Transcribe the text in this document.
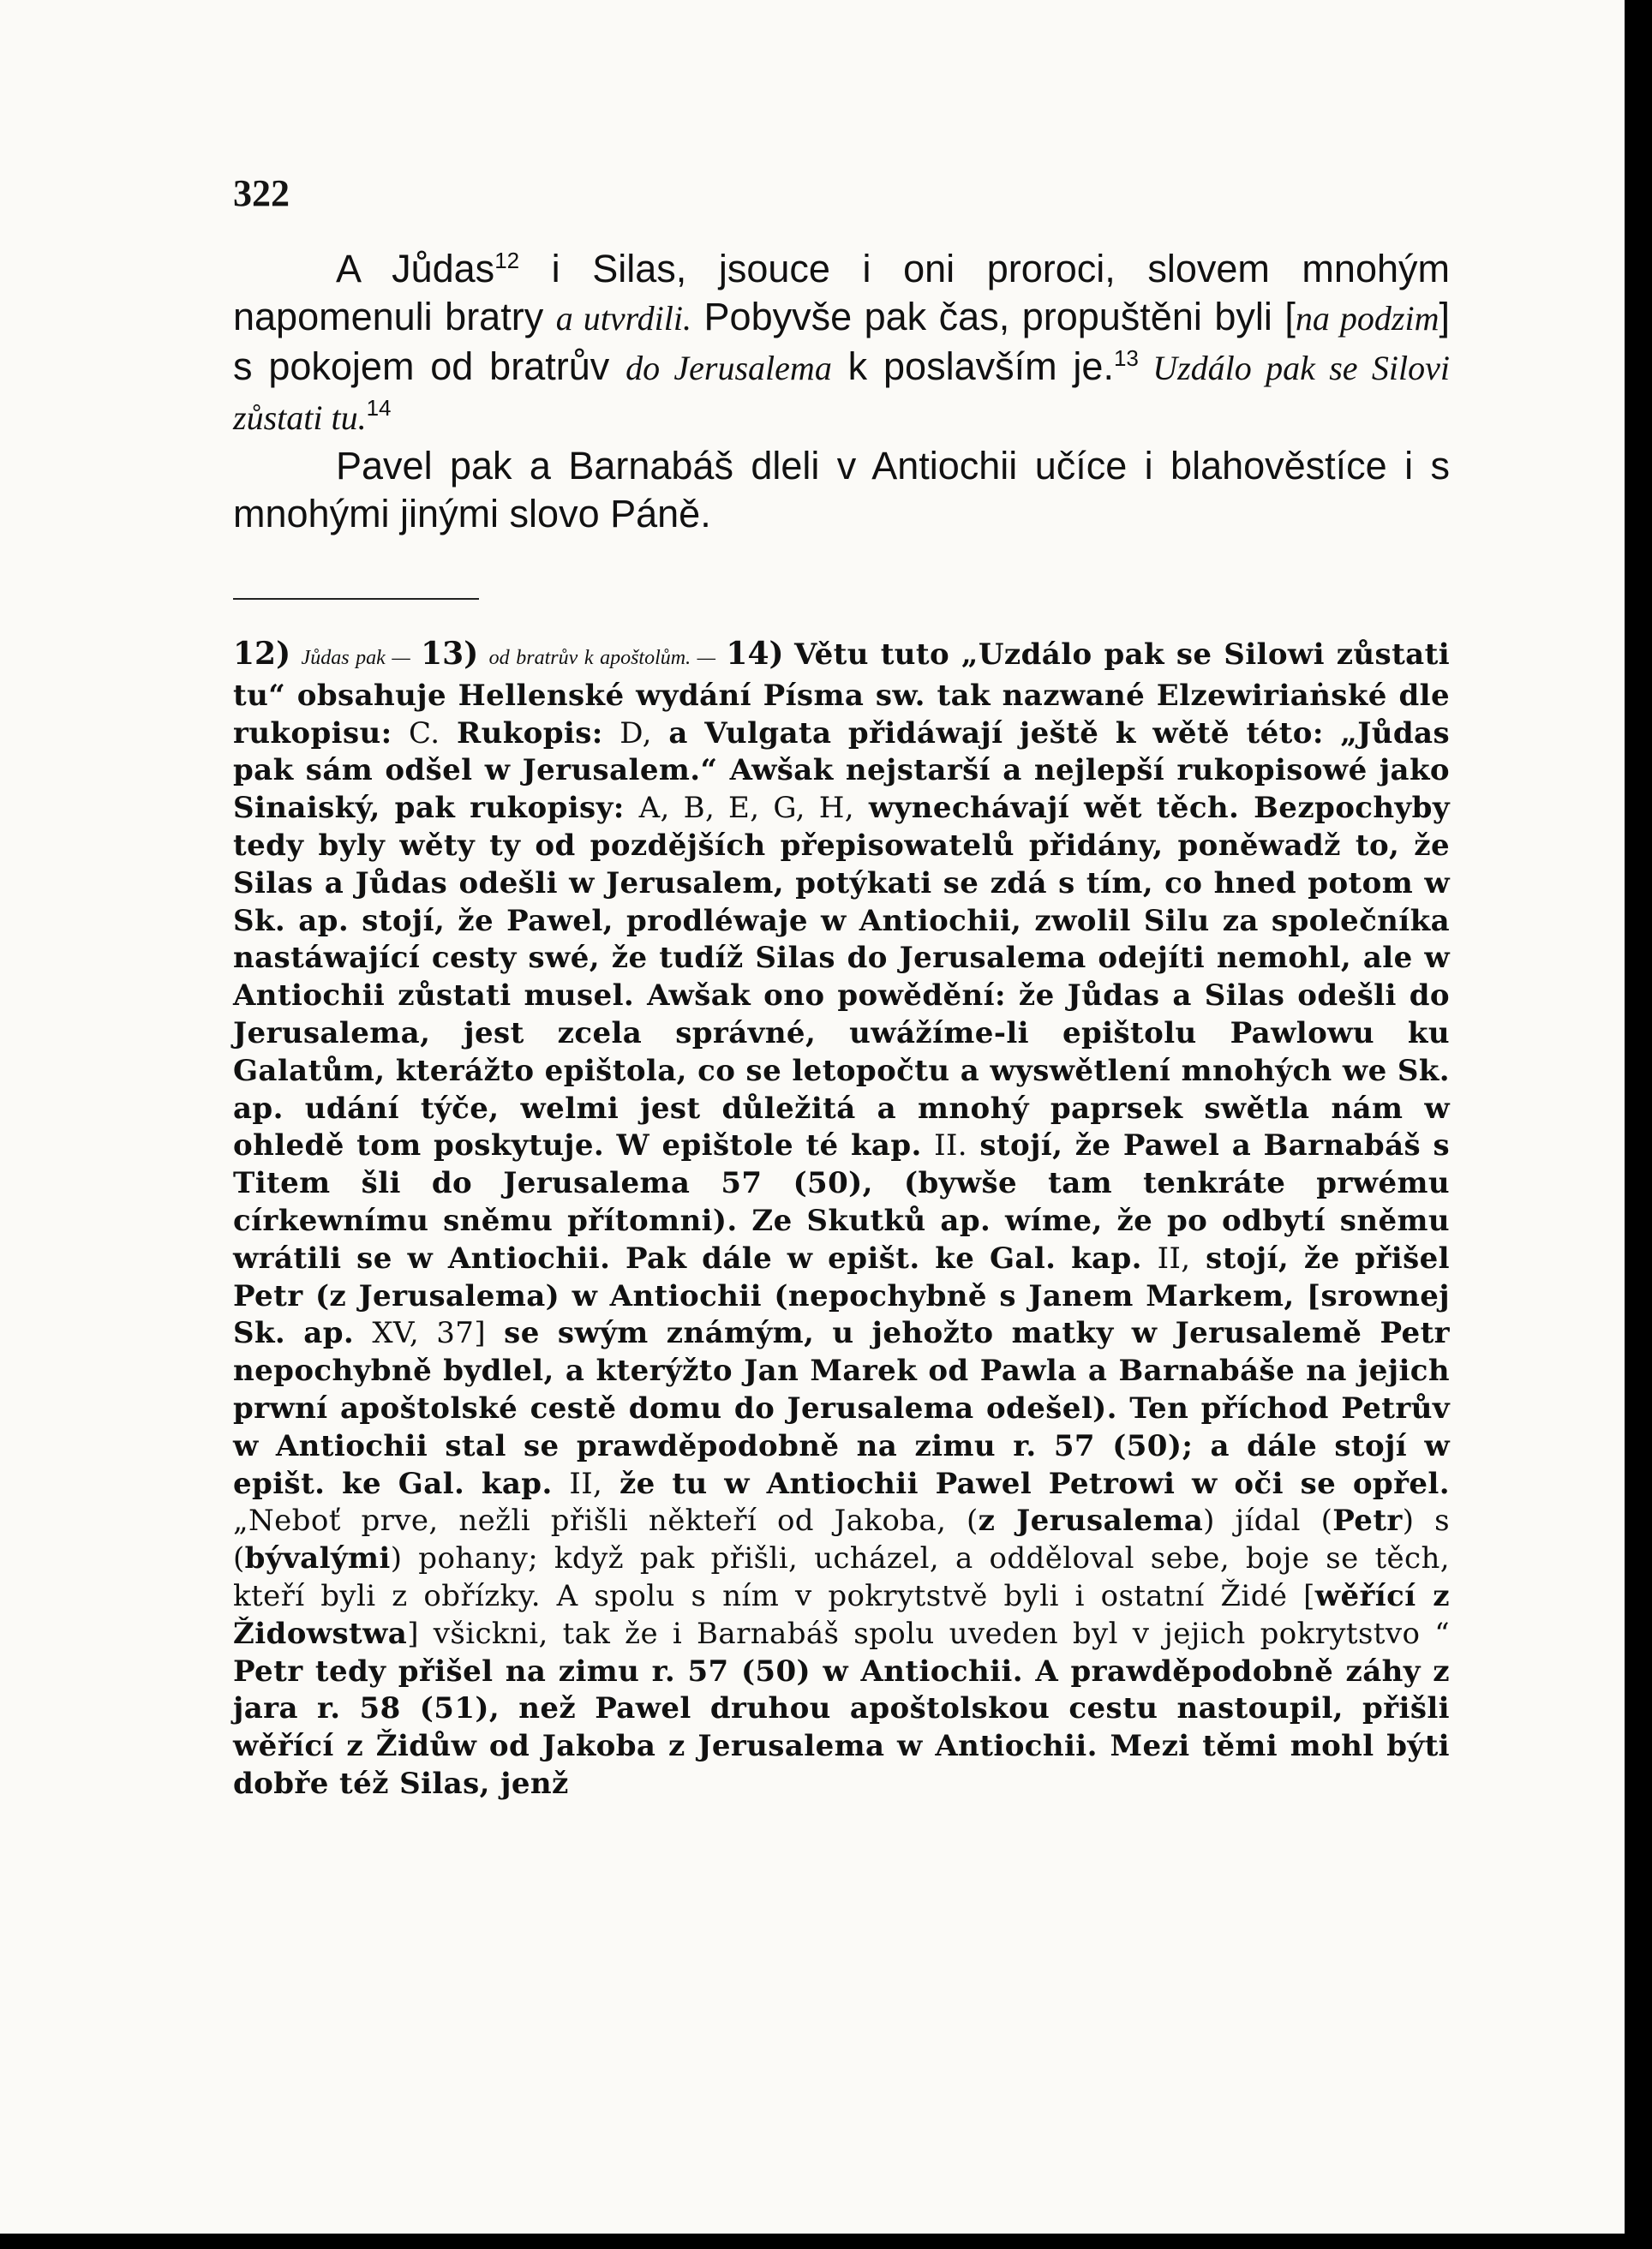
322

A Jůdas$^{12}$ i Silas, jsouce i oni proroci, slovem mnohým napomenuli bratry a utvrdili. Pobyvše pak čas, propuštěni byli [na podzim] s pokojem od bratrův do Jerusalema k poslavším je.$^{13}$ Uzdálo pak se Silovi zůstati tu.$^{14}$

Pavel pak a Barnabáš dleli v Antiochii učíce i blahověstíce i s mnohými jinými slovo Páně.

12) Jůdas pak — 13) od bratrův k apoštolům. — 14) Větu tuto „Uzdálo pak se Silowi zůstati tu“ obsahuje Hellenské wydání Písma sw. tak nazwané Elzewiriaṅské dle rukopisu: C. Rukopis: D, a Vulgata přidáwají ještě k wětě této: „Jůdas pak sám odšel w Jerusalem.“ Awšak nejstarší a nejlepší rukopisowé jako Sinaiský, pak rukopisy: A, B, E, G, H, wynechávají wět těch. Bezpochyby tedy byly wěty ty od pozdějších přepisowatelů přidány, poněwadž to, že Silas a Jůdas odešli w Jerusalem, potýkati se zdá s tím, co hned potom w Sk. ap. stojí, že Pawel, prodléwaje w Antiochii, zwolil Silu za společníka nastáwající cesty swé, že tudíž Silas do Jerusalema odejíti nemohl, ale w Antiochii zůstati musel. Awšak ono powědění: že Jůdas a Silas odešli do Jerusalema, jest zcela správné, uwážíme-li epištolu Pawlowu ku Galatům, kterážto epištola, co se letopočtu a wyswětlení mnohých we Sk. ap. udání týče, welmi jest důležitá a mnohý paprsek swětla nám w ohledě tom poskytuje. W epištole té kap. II. stojí, že Pawel a Barnabáš s Titem šli do Jerusalema 57 (50), (bywše tam tenkráte prwému církewnímu sněmu přítomni). Ze Skutků ap. wíme, že po odbytí sněmu wrátili se w Antiochii. Pak dále w epišt. ke Gal. kap. II, stojí, že přišel Petr (z Jerusalema) w Antiochii (nepochybně s Janem Markem, [srownej Sk. ap. XV, 37] se swým známým, u jehožto matky w Jerusalemě Petr nepochybně bydlel, a kterýžto Jan Marek od Pawla a Barnabáše na jejich prwní apoštolské cestě domu do Jerusalema odešel). Ten příchod Petrův w Antiochii stal se prawděpodobně na zimu r. 57 (50); a dále stojí w epišt. ke Gal. kap. II, že tu w Antiochii Pawel Petrowi w oči se opřel. „Neboť prve, nežli přišli někteří od Jakoba, (z Jerusalema) jídal (Petr) s (bývalými) pohany; když pak přišli, ucházel, a odděloval sebe, boje se těch, kteří byli z obřízky. A spolu s ním v pokrytstvě byli i ostatní Židé [wěřící z Židowstwa] všickni, tak že i Barnabáš spolu uveden byl v jejich pokrytstvo “ Petr tedy přišel na zimu r. 57 (50) w Antiochii. A prawděpodobně záhy z jara r. 58 (51), než Pawel druhou apoštolskou cestu nastoupil, přišli wěřící z Židůw od Jakoba z Jerusalema w Antiochii. Mezi těmi mohl býti dobře též Silas, jenž
